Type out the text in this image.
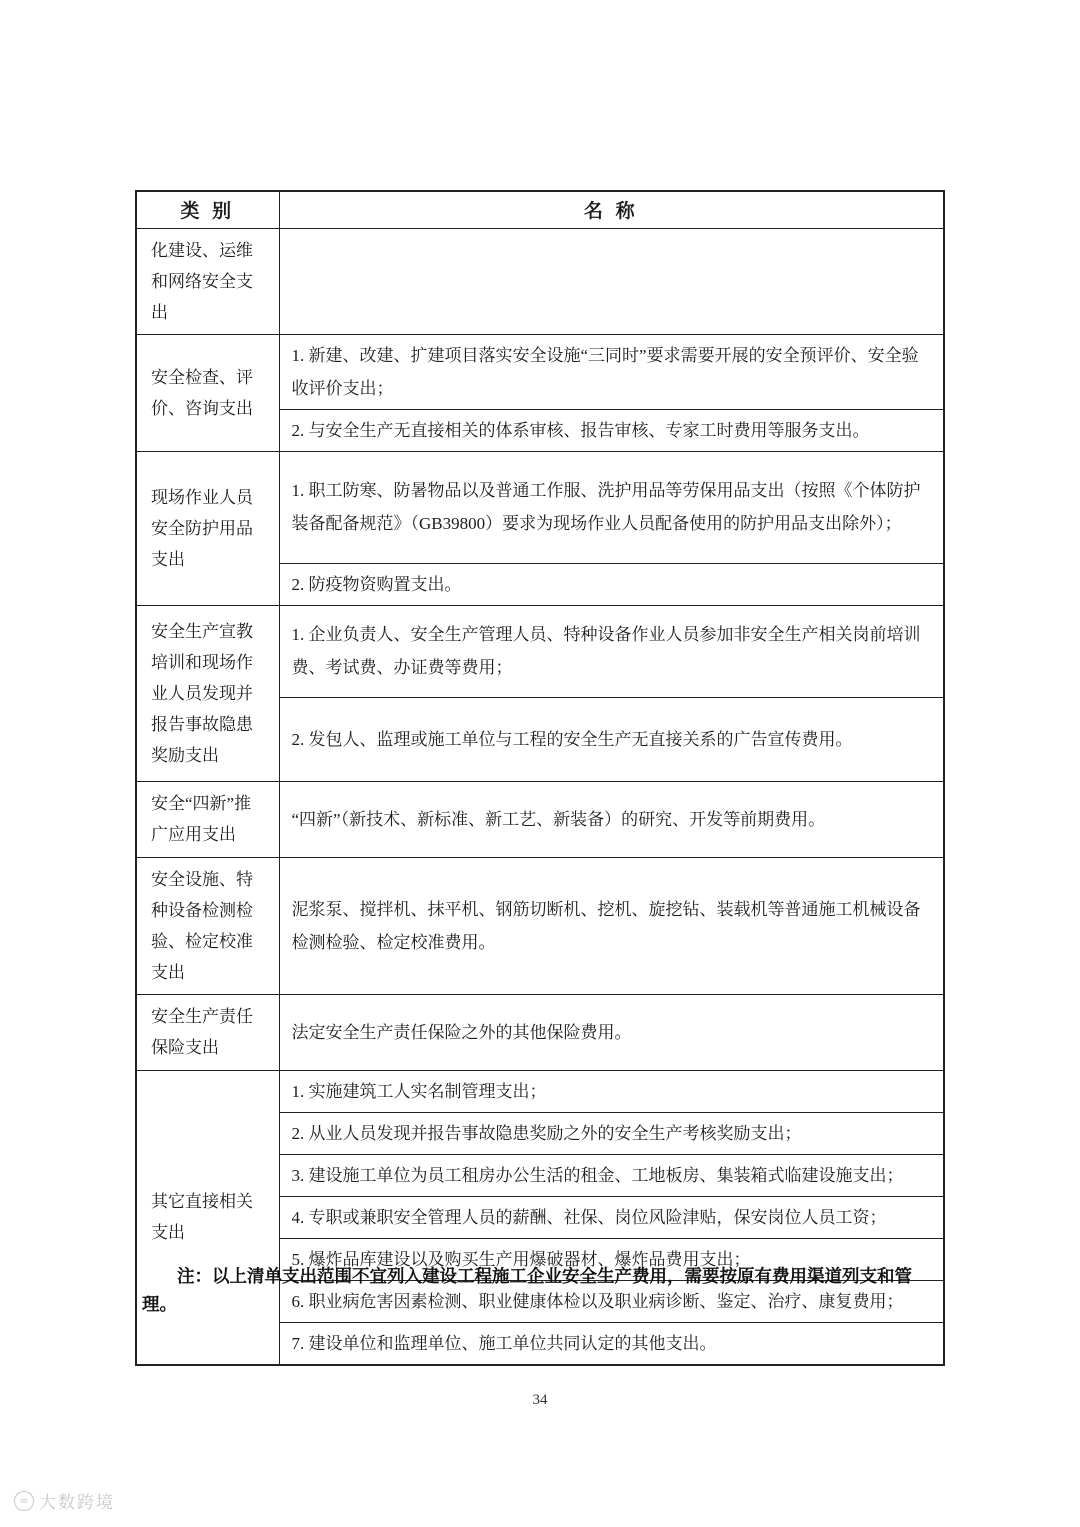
类 别	名 称
化建设、运维和网络安全支出	
安全检查、评价、咨询支出	1. 新建、改建、扩建项目落实安全设施“三同时”要求需要开展的安全预评价、安全验收评价支出；
	2. 与安全生产无直接相关的体系审核、报告审核、专家工时费用等服务支出。
现场作业人员安全防护用品支出	1. 职工防寒、防暑物品以及普通工作服、洗护用品等劳保用品支出（按照《个体防护装备配备规范》（GB39800）要求为现场作业人员配备使用的防护用品支出除外）；
	2. 防疫物资购置支出。
安全生产宣教培训和现场作业人员发现并报告事故隐患奖励支出	1. 企业负责人、安全生产管理人员、特种设备作业人员参加非安全生产相关岗前培训费、考试费、办证费等费用；
	2. 发包人、监理或施工单位与工程的安全生产无直接关系的广告宣传费用。
安全“四新”推广应用支出	“四新”（新技术、新标准、新工艺、新装备）的研究、开发等前期费用。
安全设施、特种设备检测检验、检定校准支出	泥浆泵、搅拌机、抹平机、钢筋切断机、挖机、旋挖钻、装载机等普通施工机械设备检测检验、检定校准费用。
安全生产责任保险支出	法定安全生产责任保险之外的其他保险费用。
其它直接相关支出	1. 实施建筑工人实名制管理支出；
	2. 从业人员发现并报告事故隐患奖励之外的安全生产考核奖励支出；
	3. 建设施工单位为员工租房办公生活的租金、工地板房、集装箱式临建设施支出；
	4. 专职或兼职安全管理人员的薪酬、社保、岗位风险津贴，保安岗位人员工资；
	5. 爆炸品库建设以及购买生产用爆破器材、爆炸品费用支出；
	6. 职业病危害因素检测、职业健康体检以及职业病诊断、鉴定、治疗、康复费用；
	7. 建设单位和监理单位、施工单位共同认定的其他支出。

注：以上清单支出范围不宜列入建设工程施工企业安全生产费用，需要按原有费用渠道列支和管理。

34
∞ 大数跨境
